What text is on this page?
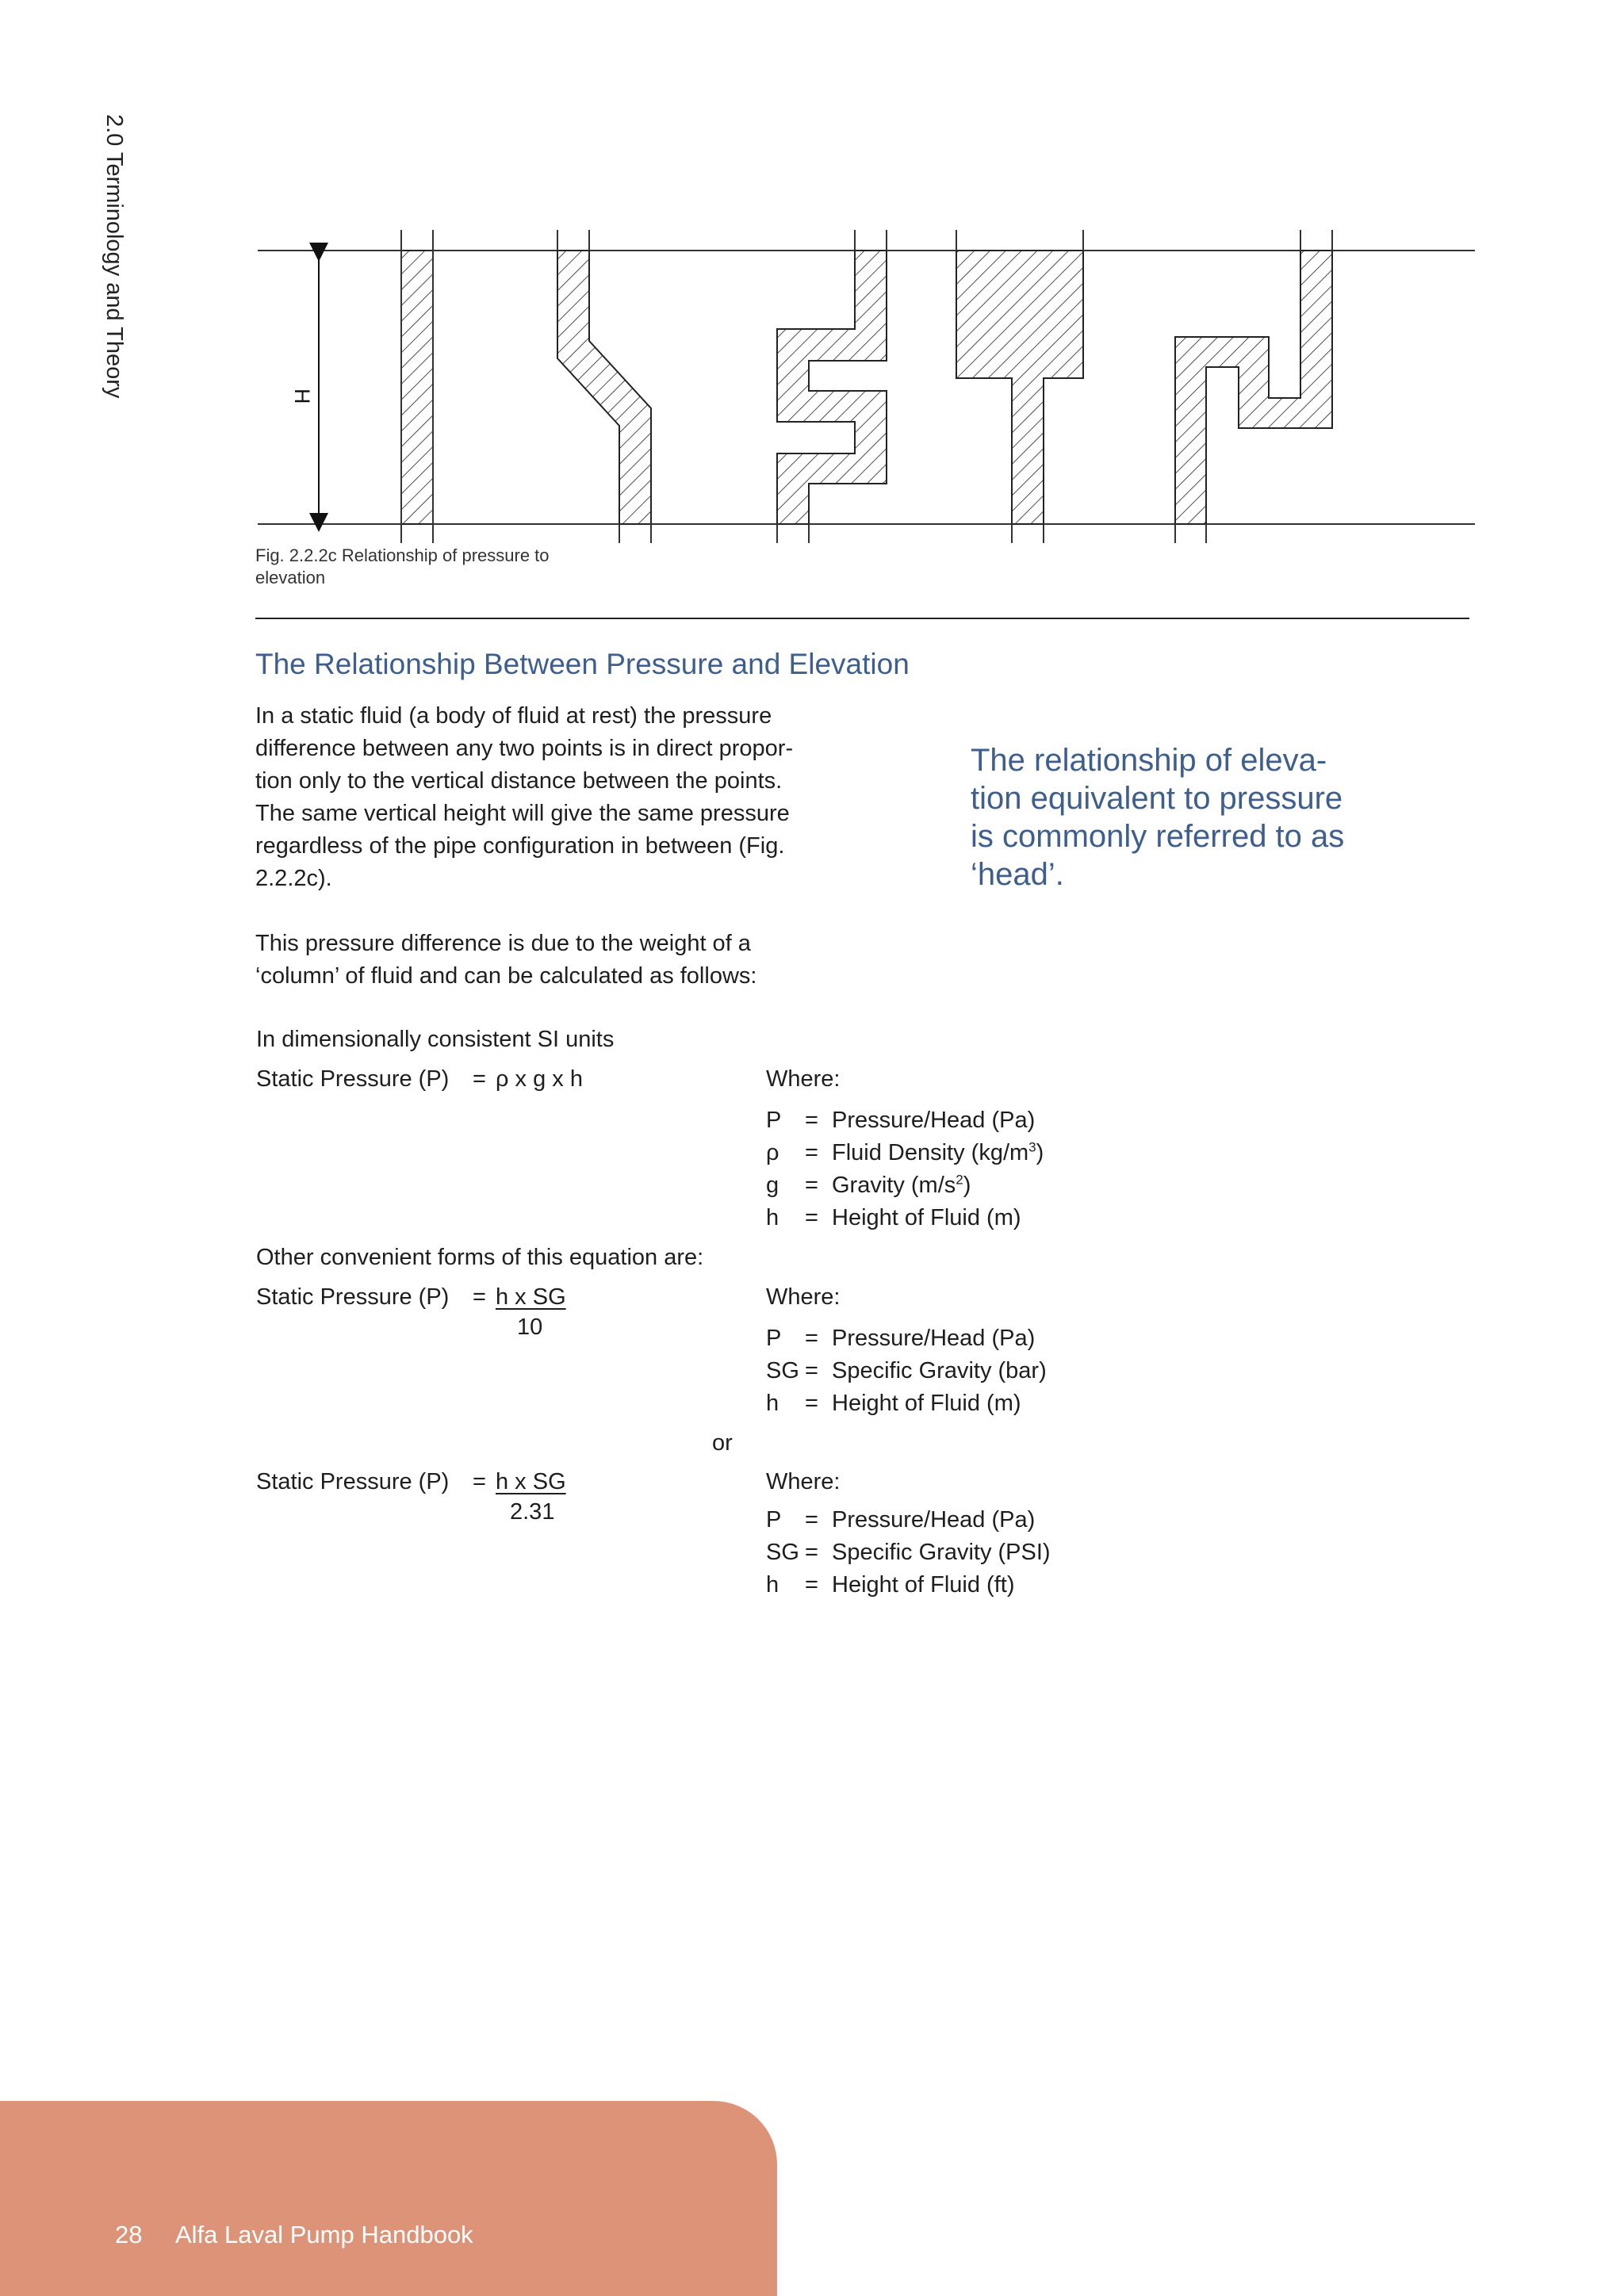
2.0 Terminology and Theory	H
Fig. 2.2.2c Relationship of pressure to
elevation
The Relationship Between Pressure and Elevation
In a static fluid (a body of fluid at rest) the pressure
difference between any two points is in direct propor-
tion only to the vertical distance between the points.
The same vertical height will give the same pressure
regardless of the pipe configuration in between (Fig.
2.2.2c).
This pressure difference is due to the weight of a
‘column’ of fluid and can be calculated as follows:
The relationship of eleva-
tion equivalent to pressure
is commonly referred to as
‘head’.
In dimensionally consistent SI units
Static Pressure (P) = ρ x g x h	Where:
P = Pressure/Head (Pa)
ρ = Fluid Density $(kg/m^3)$
g = Gravity $(m/s^2)$
h = Height of Fluid (m)
Other convenient forms of this equation are:
Static Pressure (P) = h x SG
10
Where:
P = Pressure/Head (Pa)
SG = Specific Gravity (bar)
h = Height of Fluid (m)
or
Static Pressure (P) = h x SG
2.31
Where:
P = Pressure/Head (Pa)
SG = Specific Gravity (PSI)
h = Height of Fluid (ft)
28 Alfa Laval Pump Handbook
